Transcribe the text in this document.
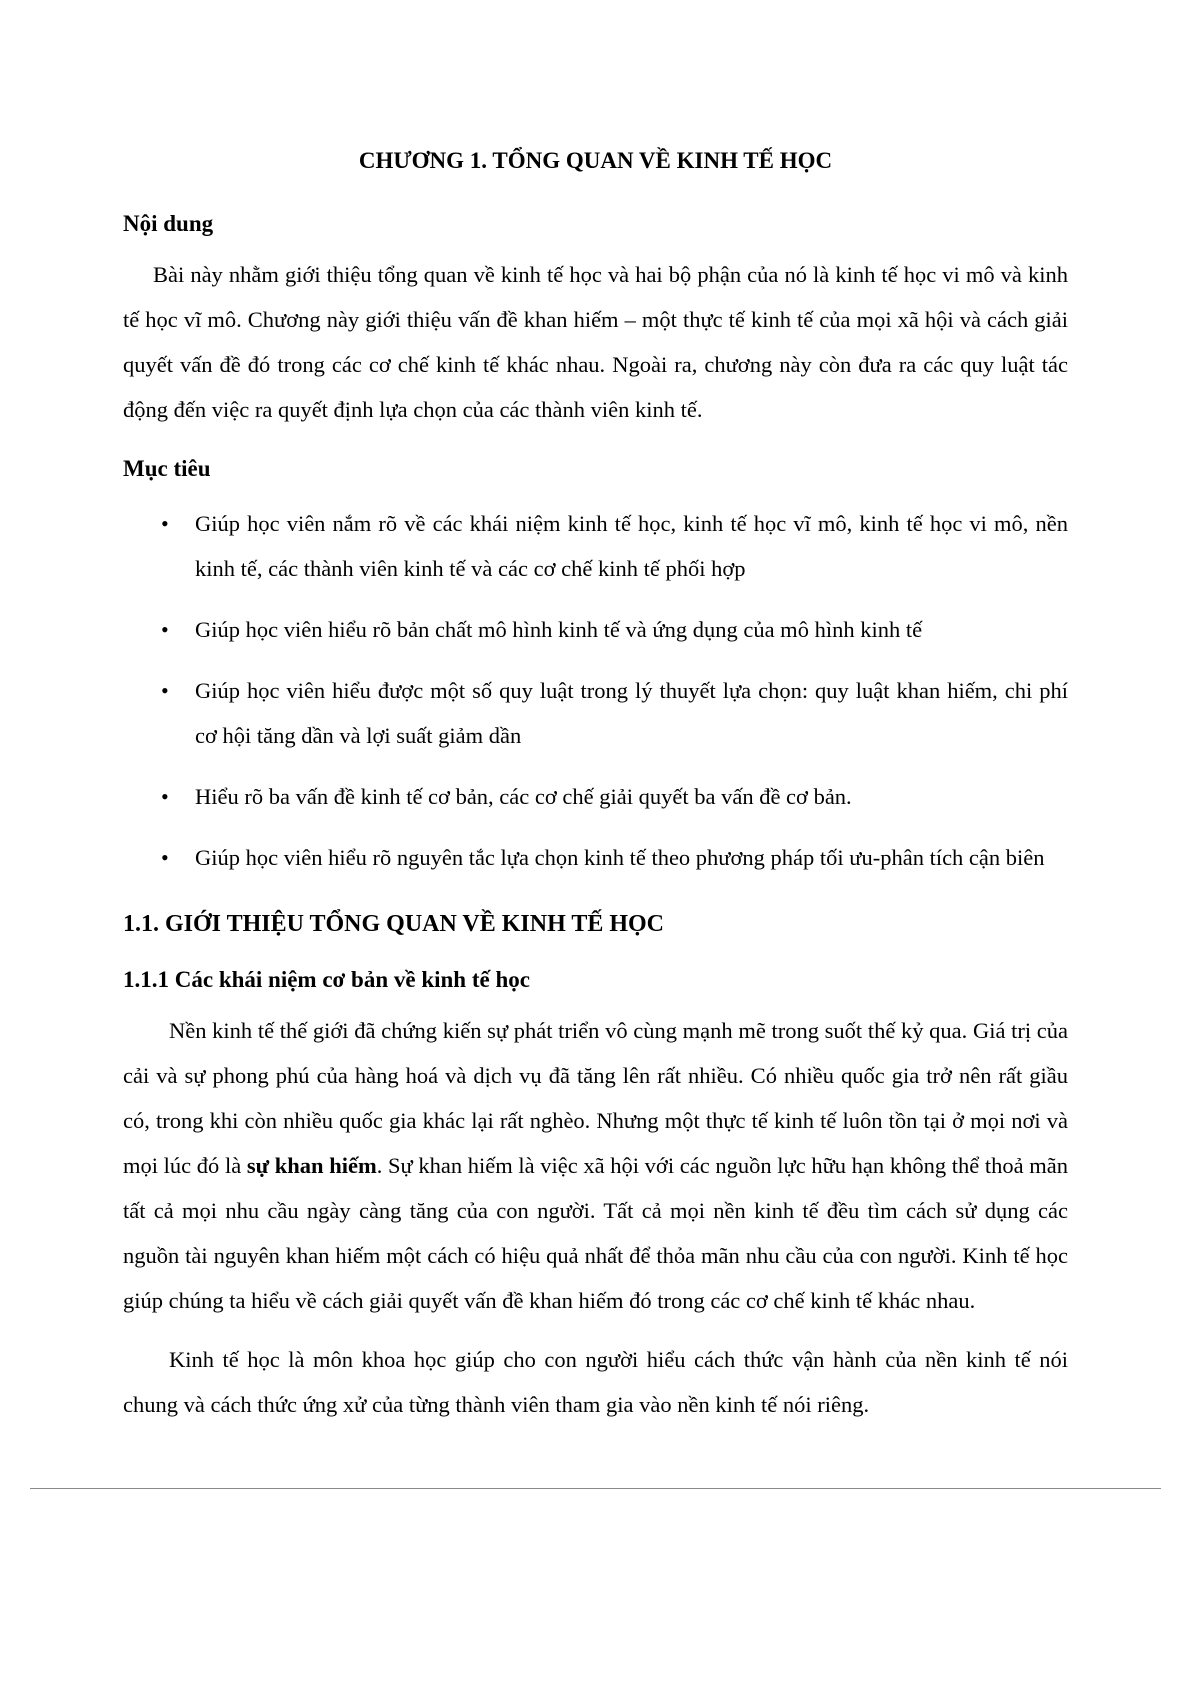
CHƯƠNG 1. TỔNG QUAN VỀ KINH TẾ HỌC
Nội dung

Bài này nhằm giới thiệu tổng quan về kinh tế học và hai bộ phận của nó là kinh tế học vi mô và kinh tế học vĩ mô. Chương này giới thiệu vấn đề khan hiếm – một thực tế kinh tế của mọi xã hội và cách giải quyết vấn đề đó trong các cơ chế kinh tế khác nhau. Ngoài ra, chương này còn đưa ra các quy luật tác động đến việc ra quyết định lựa chọn của các thành viên kinh tế.

Mục tiêu
• Giúp học viên nắm rõ về các khái niệm kinh tế học, kinh tế học vĩ mô, kinh tế học vi mô, nền kinh tế, các thành viên kinh tế và các cơ chế kinh tế phối hợp
• Giúp học viên hiểu rõ bản chất mô hình kinh tế và ứng dụng của mô hình kinh tế
• Giúp học viên hiểu được một số quy luật trong lý thuyết lựa chọn: quy luật khan hiếm, chi phí cơ hội tăng dần và lợi suất giảm dần
• Hiểu rõ ba vấn đề kinh tế cơ bản, các cơ chế giải quyết ba vấn đề cơ bản.
• Giúp học viên hiểu rõ nguyên tắc lựa chọn kinh tế theo phương pháp tối ưu-phân tích cận biên
1.1. GIỚI THIỆU TỔNG QUAN VỀ KINH TẾ HỌC
1.1.1 Các khái niệm cơ bản về kinh tế học

Nền kinh tế thế giới đã chứng kiến sự phát triển vô cùng mạnh mẽ trong suốt thế kỷ qua. Giá trị của cải và sự phong phú của hàng hoá và dịch vụ đã tăng lên rất nhiều. Có nhiều quốc gia trở nên rất giầu có, trong khi còn nhiều quốc gia khác lại rất nghèo. Nhưng một thực tế kinh tế luôn tồn tại ở mọi nơi và mọi lúc đó là sự khan hiếm. Sự khan hiếm là việc xã hội với các nguồn lực hữu hạn không thể thoả mãn tất cả mọi nhu cầu ngày càng tăng của con người. Tất cả mọi nền kinh tế đều tìm cách sử dụng các nguồn tài nguyên khan hiếm một cách có hiệu quả nhất để thỏa mãn nhu cầu của con người. Kinh tế học giúp chúng ta hiểu về cách giải quyết vấn đề khan hiếm đó trong các cơ chế kinh tế khác nhau.

Kinh tế học là môn khoa học giúp cho con người hiểu cách thức vận hành của nền kinh tế nói chung và cách thức ứng xử của từng thành viên tham gia vào nền kinh tế nói riêng.
